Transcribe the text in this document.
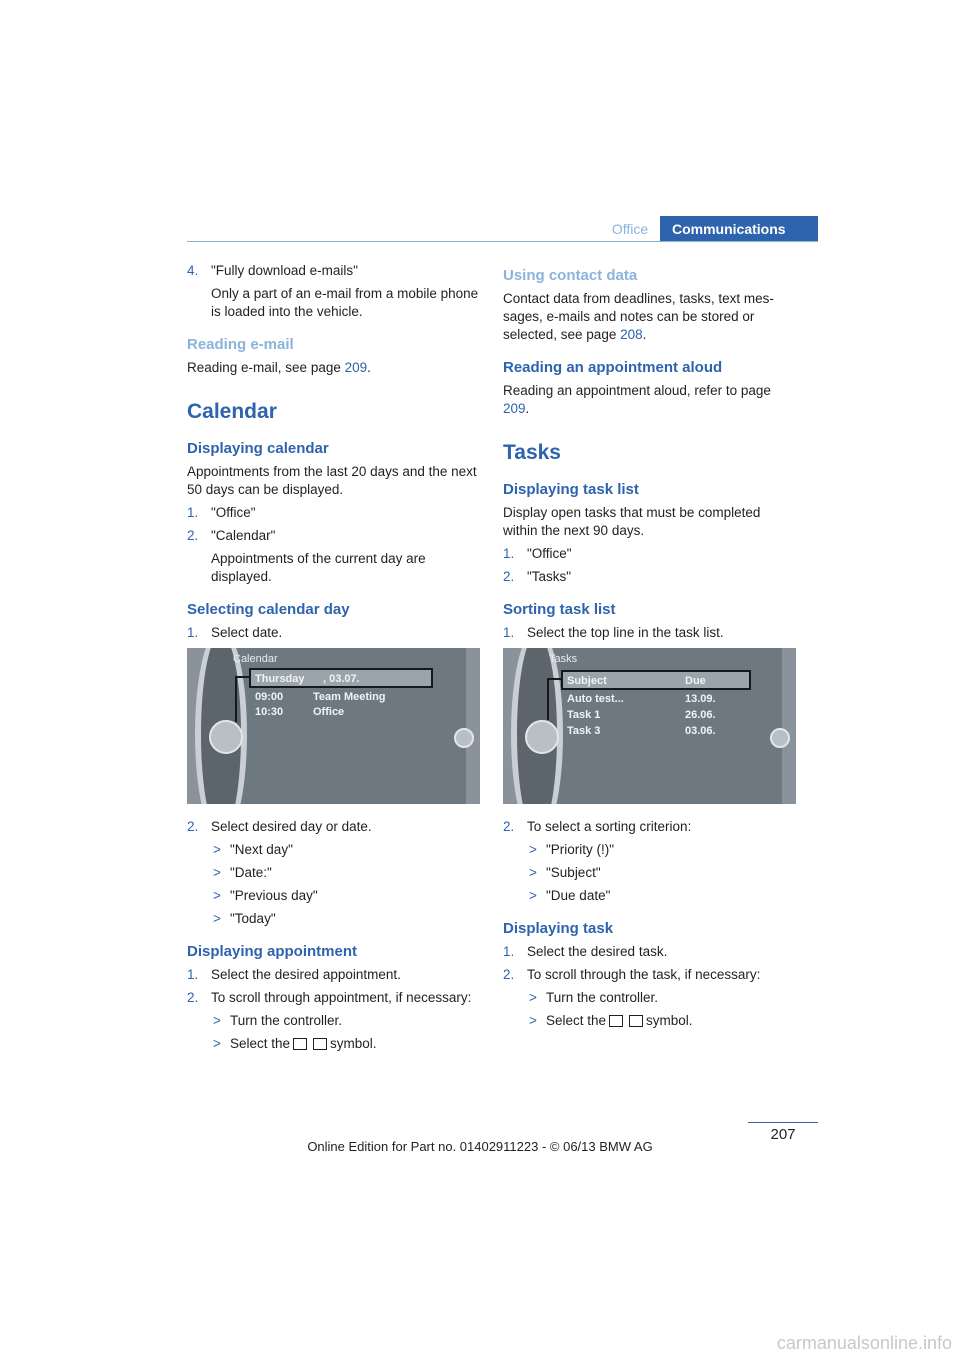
Office	Communications
4. "Fully download e-mails"

Only a part of an e-mail from a mobile phone is loaded into the vehicle.

Reading e-mail

Reading e-mail, see page 209.

Calendar
Displaying calendar

Appointments from the last 20 days and the next 50 days can be displayed.

1. "Office"
2. "Calendar"

Appointments of the current day are displayed.

Selecting calendar day
1. Select date.
Calendar
Thursday , 03.07.
09:00	Team Meeting
10:30	Office
2. Select desired day or date.
> "Next day"
> "Date:"
> "Previous day"
> "Today"
Displaying appointment
1. Select the desired appointment.
2. To scroll through appointment, if necessary:
> Turn the controller.
> Select the	symbol.
Using contact data

Contact data from deadlines, tasks, text mes-sages, e-mails and notes can be stored or selected, see page 208.

Reading an appointment aloud

Reading an appointment aloud, refer to page 209.

Tasks
Displaying task list

Display open tasks that must be completed within the next 90 days.

1. "Office"
2. "Tasks"
Sorting task list
1. Select the top line in the task list.
Tasks
Subject	Due
Auto test...	13.09.
Task 1	26.06.
Task 3	03.06.
2. To select a sorting criterion:
> "Priority (!)"
> "Subject"
> "Due date"
Displaying task
1. Select the desired task.
2. To scroll through the task, if necessary:
> Turn the controller.
> Select the	symbol.
207
Online Edition for Part no. 01402911223 - © 06/13 BMW AG
carmanualsonline.info
